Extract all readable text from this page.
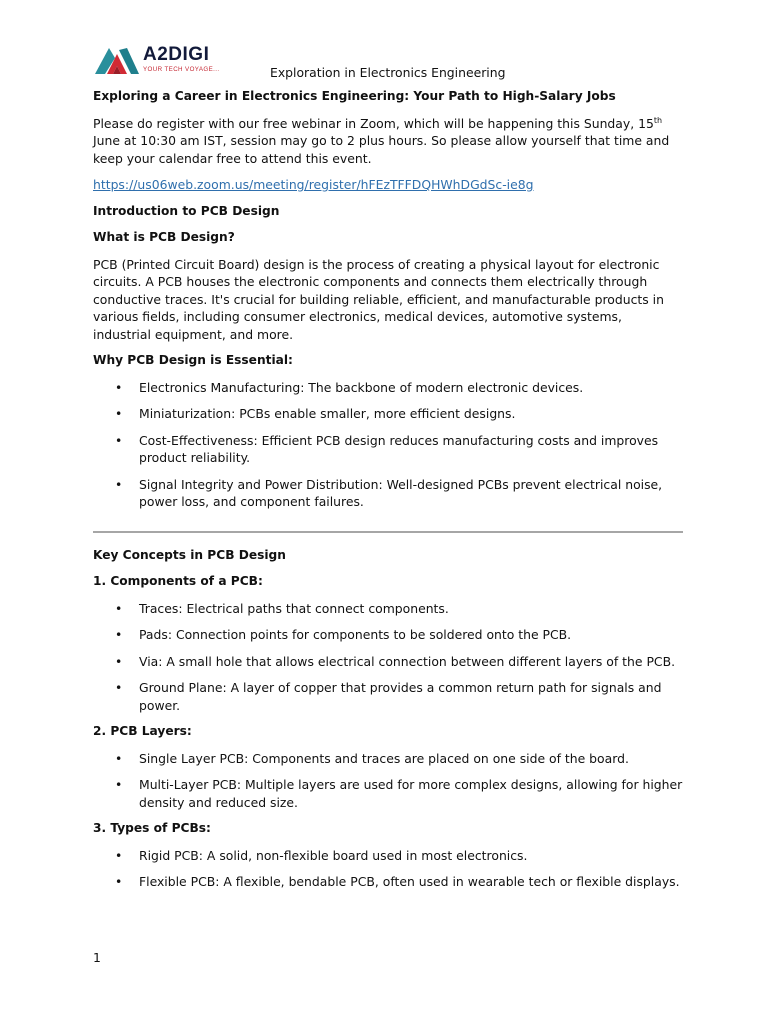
A2DIGI
YOUR TECH VOYAGE...	Exploration in Electronics Engineering
Exploring a Career in Electronics Engineering: Your Path to High-Salary Jobs

Please do register with our free webinar in Zoom, which will be happening this Sunday, 15th June at 10:30 am IST, session may go to 2 plus hours. So please allow yourself that time and keep your calendar free to attend this event.

https://us06web.zoom.us/meeting/register/hFEzTFFDQHWhDGdSc-ie8g

Introduction to PCB Design
What is PCB Design?

PCB (Printed Circuit Board) design is the process of creating a physical layout for electronic circuits. A PCB houses the electronic components and connects them electrically through conductive traces. It's crucial for building reliable, efficient, and manufacturable products in various fields, including consumer electronics, medical devices, automotive systems, industrial equipment, and more.

Why PCB Design is Essential:
• Electronics Manufacturing: The backbone of modern electronic devices.
• Miniaturization: PCBs enable smaller, more efficient designs.
• Cost-Effectiveness: Efficient PCB design reduces manufacturing costs and improves product reliability.
• Signal Integrity and Power Distribution: Well-designed PCBs prevent electrical noise, power loss, and component failures.
Key Concepts in PCB Design
1. Components of a PCB:
• Traces: Electrical paths that connect components.
• Pads: Connection points for components to be soldered onto the PCB.
• Via: A small hole that allows electrical connection between different layers of the PCB.
• Ground Plane: A layer of copper that provides a common return path for signals and power.
2. PCB Layers:
• Single Layer PCB: Components and traces are placed on one side of the board.
• Multi-Layer PCB: Multiple layers are used for more complex designs, allowing for higher density and reduced size.
3. Types of PCBs:
• Rigid PCB: A solid, non-flexible board used in most electronics.
• Flexible PCB: A flexible, bendable PCB, often used in wearable tech or flexible displays.
1
